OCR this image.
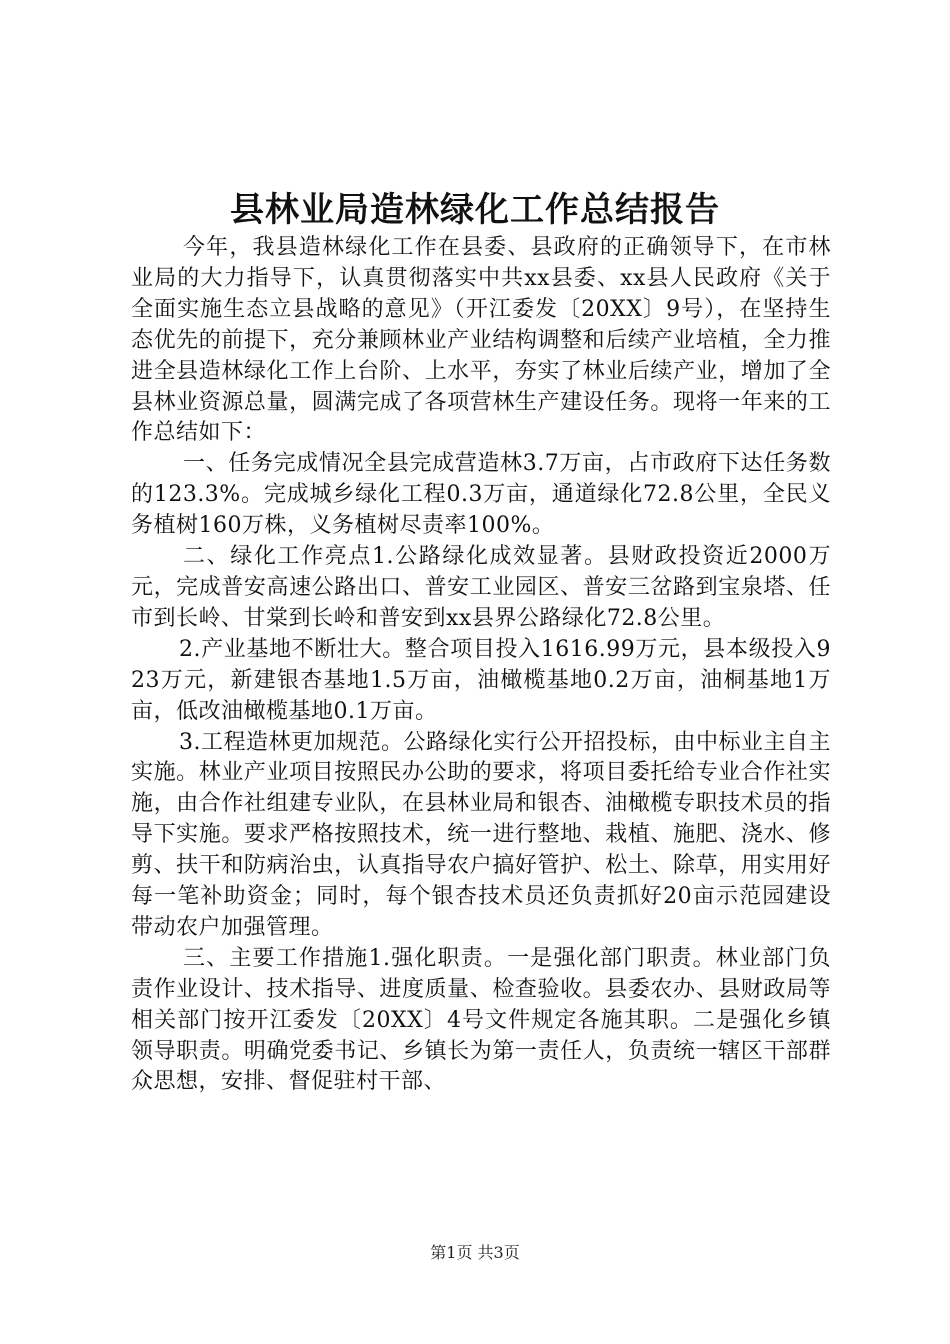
县林业局造林绿化工作总结报告

今年，我县造林绿化工作在县委、县政府的正确领导下，在市林业局的大力指导下，认真贯彻落实中共xx县委、xx县人民政府《关于全面实施生态立县战略的意见》（开江委发〔20XX〕9号），在坚持生态优先的前提下，充分兼顾林业产业结构调整和后续产业培植，全力推进全县造林绿化工作上台阶、上水平，夯实了林业后续产业，增加了全县林业资源总量，圆满完成了各项营林生产建设任务。现将一年来的工作总结如下：

一、任务完成情况全县完成营造林3.7万亩，占市政府下达任务数的123.3%。完成城乡绿化工程0.3万亩，通道绿化72.8公里，全民义务植树160万株，义务植树尽责率100%。

二、绿化工作亮点1.公路绿化成效显著。县财政投资近2000万元，完成普安高速公路出口、普安工业园区、普安三岔路到宝泉塔、任市到长岭、甘棠到长岭和普安到xx县界公路绿化72.8公里。

2.产业基地不断壮大。整合项目投入1616.99万元，县本级投入923万元，新建银杏基地1.5万亩，油橄榄基地0.2万亩，油桐基地1万亩，低改油橄榄基地0.1万亩。

3.工程造林更加规范。公路绿化实行公开招投标，由中标业主自主实施。林业产业项目按照民办公助的要求，将项目委托给专业合作社实施，由合作社组建专业队，在县林业局和银杏、油橄榄专职技术员的指导下实施。要求严格按照技术，统一进行整地、栽植、施肥、浇水、修剪、扶干和防病治虫，认真指导农户搞好管护、松土、除草，用实用好每一笔补助资金；同时，每个银杏技术员还负责抓好20亩示范园建设带动农户加强管理。

三、主要工作措施1.强化职责。一是强化部门职责。林业部门负责作业设计、技术指导、进度质量、检查验收。县委农办、县财政局等相关部门按开江委发〔20XX〕4号文件规定各施其职。二是强化乡镇领导职责。明确党委书记、乡镇长为第一责任人，负责统一辖区干部群众思想，安排、督促驻村干部、

第1页 共3页
